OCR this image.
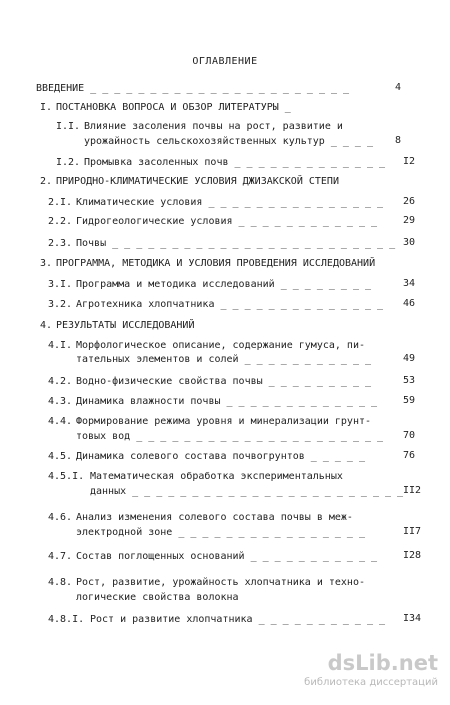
ОГЛАВЛЕНИЕ
ВВЕДЕНИЕ _ _ _ _ _ _ _ _ _ _ _ _ _ _ _ _ _ _ _ _ _ _	4
I. ПОСТАНОВКА ВОПРОСА И ОБЗОР ЛИТЕРАТУРЫ _
I.I. Влияние засоления почвы на рост, развитие и
урожайность сельскохозяйственных культур _ _ _ _ 8
I.2. Промывка засоленных почв _ _ _ _ _ _ _ _ _ _ _ _ _ I2
2. ПРИРОДНО-КЛИМАТИЧЕСКИЕ УСЛОВИЯ ДЖИЗАКСКОЙ СТЕПИ
2.I. Климатические условия _ _ _ _ _ _ _ _ _ _ _ _ _ _ _ 26
2.2. Гидрогеологические условия _ _ _ _ _ _ _ _ _ _ _ _	29
2.3. Почвы _ _ _ _ _ _ _ _ _ _ _ _ _ _ _ _ _ _ _ _ _ _ _ _ 30
3. ПРОГРАММА, МЕТОДИКА И УСЛОВИЯ ПРОВЕДЕНИЯ ИССЛЕДОВАНИЙ
3.I. Программа и методика исследований _ _ _ _ _ _ _ _	34
3.2. Агротехника хлопчатника _ _ _ _ _ _ _ _ _ _ _ _ _ _ 46
4. РЕЗУЛЬТАТЫ ИССЛЕДОВАНИЙ
4.I. Морфологическое описание, содержание гумуса, пи-
тательных элементов и солей _ _ _ _ _ _ _ _ _ _ _	49
4.2. Водно-физические свойства почвы _ _ _ _ _ _ _ _ _	53
4.3. Динамика влажности почвы _ _ _ _ _ _ _ _ _ _ _ _ _	59
4.4. Формирование режима уровня и минерализации грунт-
товых вод _ _ _ _ _ _ _ _ _ _ _ _ _ _ _ _ _ _ _ _ _ 70
4.5. Динамика солевого состава почвогрунтов _ _ _ _ _	76
4.5.I. Математическая обработка экспериментальных
данных _ _ _ _ _ _ _ _ _ _ _ _ _ _ _ _ _ _ _ _ _ _ _ II2
4.6. Анализ изменения солевого состава почвы в меж-
электродной зоне _ _ _ _ _ _ _ _ _ _ _ _ _ _ _ _	II7
4.7. Состав поглощенных оснований _ _ _ _ _ _ _ _ _ _ _	I28
4.8. Рост, развитие, урожайность хлопчатника и техно-
логические свойства волокна
4.8.I. Рост и развитие хлопчатника _ _ _ _ _ _ _ _ _ _ _ I34
dsLib.net
библиотека диссертаций
